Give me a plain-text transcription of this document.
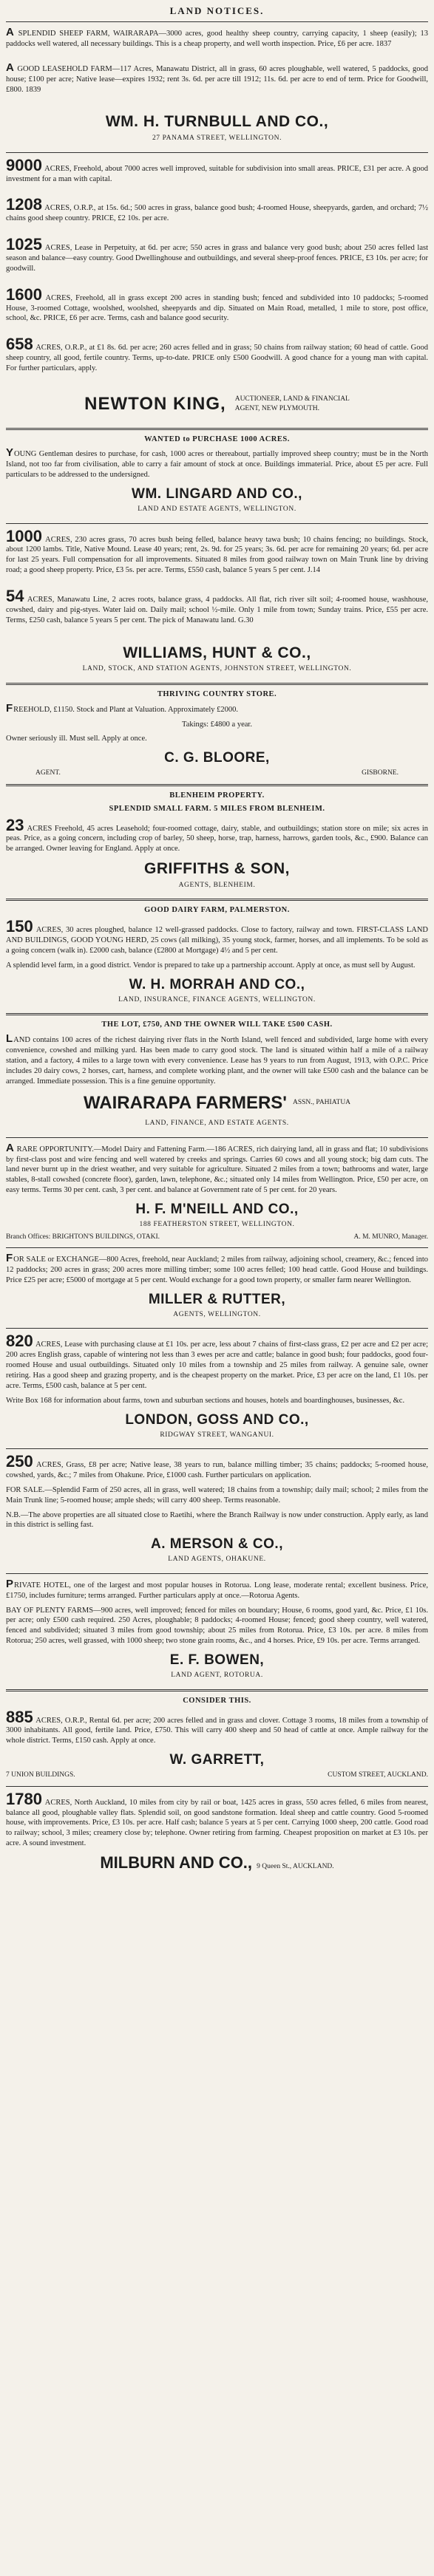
LAND NOTICES.

A SPLENDID SHEEP FARM, WAIRARAPA—3000 acres, good healthy sheep country, carrying capacity, 1 sheep (easily); 13 paddocks well watered, all necessary buildings. This is a cheap property, and well worth inspection. Price, £6 per acre. 1837

A GOOD LEASEHOLD FARM—117 Acres, Manawatu District, all in grass, 60 acres ploughable, well watered, 5 paddocks, good house; £100 per acre; Native lease—expires 1932; rent 3s. 6d. per acre till 1912; 11s. 6d. per acre to end of term. Price for Goodwill, £800. 1839

WM. H. TURNBULL AND CO.,
27 PANAMA STREET, WELLINGTON.

9000 ACRES, Freehold, about 7000 acres well improved, suitable for subdivision into small areas. PRICE, £31 per acre. A good investment for a man with capital.

1208 ACRES, O.R.P., at 15s. 6d.; 500 acres in grass, balance good bush; 4-roomed House, sheepyards, garden, and orchard; 7½ chains good sheep country. PRICE, £2 10s. per acre.

1025 ACRES, Lease in Perpetuity, at 6d. per acre; 550 acres in grass and balance very good bush; about 250 acres felled last season and balance—easy country. Good Dwellinghouse and outbuildings, and several sheep-proof fences. PRICE, £3 10s. per acre; for goodwill.

1600 ACRES, Freehold, all in grass except 200 acres in standing bush; fenced and subdivided into 10 paddocks; 5-roomed House, 3-roomed Cottage, woolshed, woolshed, sheepyards and dip. Situated on Main Road, metalled, 1 mile to store, post office, school, &c. PRICE, £6 per acre. Terms, cash and balance good security.

658 ACRES, O.R.P., at £1 8s. 6d. per acre; 260 acres felled and in grass; 50 chains from railway station; 60 head of cattle. Good sheep country, all good, fertile country. Terms, up-to-date. PRICE only £500 Goodwill. A good chance for a young man with capital. For further particulars, apply.

NEWTON KING, AUCTIONEER, LAND & FINANCIAL
AGENT, NEW PLYMOUTH.
WANTED to PURCHASE 1000 ACRES.

YOUNG Gentleman desires to purchase, for cash, 1000 acres or thereabout, partially improved sheep country; must be in the North Island, not too far from civilisation, able to carry a fair amount of stock at once. Buildings immaterial. Price, about £5 per acre. Full particulars to be addressed to the undersigned.

WM. LINGARD AND CO.,
LAND AND ESTATE AGENTS, WELLINGTON.

1000 ACRES, 230 acres grass, 70 acres bush being felled, balance heavy tawa bush; 10 chains fencing; no buildings. Stock, about 1200 lambs. Title, Native Mound. Lease 40 years; rent, 2s. 9d. for 25 years; 3s. 6d. per acre for remaining 20 years; 6d. per acre for last 25 years. Full compensation for all improvements. Situated 8 miles from good railway town on Main Trunk line by driving road; a good sheep property. Price, £3 5s. per acre. Terms, £550 cash, balance 5 years 5 per cent. J.14

54 ACRES, Manawatu Line, 2 acres roots, balance grass, 4 paddocks. All flat, rich river silt soil; 4-roomed house, washhouse, cowshed, dairy and pig-styes. Water laid on. Daily mail; school ½-mile. Only 1 mile from town; Sunday trains. Price, £55 per acre. Terms, £250 cash, balance 5 years 5 per cent. The pick of Manawatu land. G.30

WILLIAMS, HUNT & CO.,
LAND, STOCK, AND STATION AGENTS, JOHNSTON STREET, WELLINGTON.
THRIVING COUNTRY STORE.

FREEHOLD, £1150. Stock and Plant at Valuation. Approximately £2000.

Takings: £4800 a year.

Owner seriously ill. Must sell. Apply at once.

C. G. BLOORE,
AGENT.	GISBORNE.
BLENHEIM PROPERTY.
SPLENDID SMALL FARM. 5 MILES FROM BLENHEIM.

23 ACRES Freehold, 45 acres Leasehold; four-roomed cottage, dairy, stable, and outbuildings; station store on mile; six acres in peas. Price, as a going concern, including crop of barley, 50 sheep, horse, trap, harness, harrows, garden tools, &c., £900. Balance can be arranged. Owner leaving for England. Apply at once.

GRIFFITHS & SON,
AGENTS, BLENHEIM.
GOOD DAIRY FARM, PALMERSTON.

150 ACRES, 30 acres ploughed, balance 12 well-grassed paddocks. Close to factory, railway and town. FIRST-CLASS LAND AND BUILDINGS, GOOD YOUNG HERD, 25 cows (all milking), 35 young stock, farmer, horses, and all implements. To be sold as a going concern (walk in). £2000 cash, balance (£2800 at Mortgage) 4½ and 5 per cent.

A splendid level farm, in a good district. Vendor is prepared to take up a partnership account. Apply at once, as must sell by August.

W. H. MORRAH AND CO.,
LAND, INSURANCE, FINANCE AGENTS, WELLINGTON.
THE LOT, £750, AND THE OWNER WILL TAKE £500 CASH.

LAND contains 100 acres of the richest dairying river flats in the North Island, well fenced and subdivided, large home with every convenience, cowshed and milking yard. Has been made to carry good stock. The land is situated within half a mile of a railway station, and a factory, 4 miles to a large town with every convenience. Lease has 9 years to run from August, 1913, with O.P.C. Price includes 20 dairy cows, 2 horses, cart, harness, and complete working plant, and the owner will take £500 cash and the balance can be arranged. Immediate possession. This is a fine genuine opportunity.

WAIRARAPA FARMERS' ASSN., PAHIATUA
LAND, FINANCE, AND ESTATE AGENTS.

A RARE OPPORTUNITY.—Model Dairy and Fattening Farm.—186 ACRES, rich dairying land, all in grass and flat; 10 subdivisions by first-class post and wire fencing and well watered by creeks and springs. Carries 60 cows and all young stock; big dam cuts. The land never burnt up in the driest weather, and very suitable for agriculture. Situated 2 miles from a town; bathrooms and water, large stables, 8-stall cowshed (concrete floor), garden, lawn, telephone, &c.; situated only 14 miles from Wellington. Price, £50 per acre, on easy terms. Terms 30 per cent. cash, 3 per cent. and balance at Government rate of 5 per cent. for 20 years.

H. F. M'NEILL AND CO.,
188 FEATHERSTON STREET, WELLINGTON.
Branch Offices: BRIGHTON'S BUILDINGS, OTAKI.	A. M. MUNRO, Manager.

FOR SALE or EXCHANGE—800 Acres, freehold, near Auckland; 2 miles from railway, adjoining school, creamery, &c.; fenced into 12 paddocks; 200 acres in grass; 200 acres more milling timber; some 100 acres felled; 100 head cattle. Good House and buildings. Price £25 per acre; £5000 of mortgage at 5 per cent. Would exchange for a good town property, or smaller farm nearer Wellington.

MILLER & RUTTER,
AGENTS, WELLINGTON.

820 ACRES, Lease with purchasing clause at £1 10s. per acre, less about 7 chains of first-class grass, £2 per acre and £2 per acre; 200 acres English grass, capable of wintering not less than 3 ewes per acre and cattle; balance in good bush; four paddocks, good four-roomed House and usual outbuildings. Situated only 10 miles from a township and 25 miles from railway. A genuine sale, owner retiring. Has a good sheep and grazing property, and is the cheapest property on the market. Price, £3 per acre on the land, £1 10s. per acre. Terms, £500 cash, balance at 5 per cent.

Write Box 168 for information about farms, town and suburban sections and houses, hotels and boardinghouses, businesses, &c.

LONDON, GOSS AND CO.,
RIDGWAY STREET, WANGANUI.

250 ACRES, Grass, £8 per acre; Native lease, 38 years to run, balance milling timber; 35 chains; paddocks; 5-roomed house, cowshed, yards, &c.; 7 miles from Ohakune. Price, £1000 cash. Further particulars on application.

FOR SALE.—Splendid Farm of 250 acres, all in grass, well watered; 18 chains from a township; daily mail; school; 2 miles from the Main Trunk line; 5-roomed house; ample sheds; will carry 400 sheep. Terms reasonable.

N.B.—The above properties are all situated close to Raetihi, where the Branch Railway is now under construction. Apply early, as land in this district is selling fast.

A. MERSON & CO.,
LAND AGENTS, OHAKUNE.

PRIVATE HOTEL, one of the largest and most popular houses in Rotorua. Long lease, moderate rental; excellent business. Price, £1750, includes furniture; terms arranged. Further particulars apply at once.—Rotorua Agents.

BAY OF PLENTY FARMS—900 acres, well improved; fenced for miles on boundary; House, 6 rooms, good yard, &c. Price, £1 10s. per acre; only £500 cash required. 250 Acres, ploughable; 8 paddocks; 4-roomed House; fenced; good sheep country, well watered, fenced and subdivided; situated 3 miles from good township; about 25 miles from Rotorua. Price, £3 10s. per acre. 8 miles from Rotorua; 250 acres, well grassed, with 1000 sheep; two stone grain rooms, &c., and 4 horses. Price, £9 10s. per acre. Terms arranged.

E. F. BOWEN,
LAND AGENT, ROTORUA.
CONSIDER THIS.

885 ACRES, O.R.P., Rental 6d. per acre; 200 acres felled and in grass and clover. Cottage 3 rooms, 18 miles from a township of 3000 inhabitants. All good, fertile land. Price, £750. This will carry 400 sheep and 50 head of cattle at once. Ample railway for the whole district. Terms, £150 cash. Apply at once.

W. GARRETT,
7 UNION BUILDINGS.	CUSTOM STREET, AUCKLAND.

1780 ACRES, North Auckland, 10 miles from city by rail or boat, 1425 acres in grass, 550 acres felled, 6 miles from nearest, balance all good, ploughable valley flats. Splendid soil, on good sandstone formation. Ideal sheep and cattle country. Good 5-roomed house, with improvements. Price, £3 10s. per acre. Half cash; balance 5 years at 5 per cent. Carrying 1000 sheep, 200 cattle. Good road to railway; school, 3 miles; creamery close by; telephone. Owner retiring from farming. Cheapest proposition on market at £3 10s. per acre. A sound investment.

MILBURN AND CO., 9 Queen St., AUCKLAND.
